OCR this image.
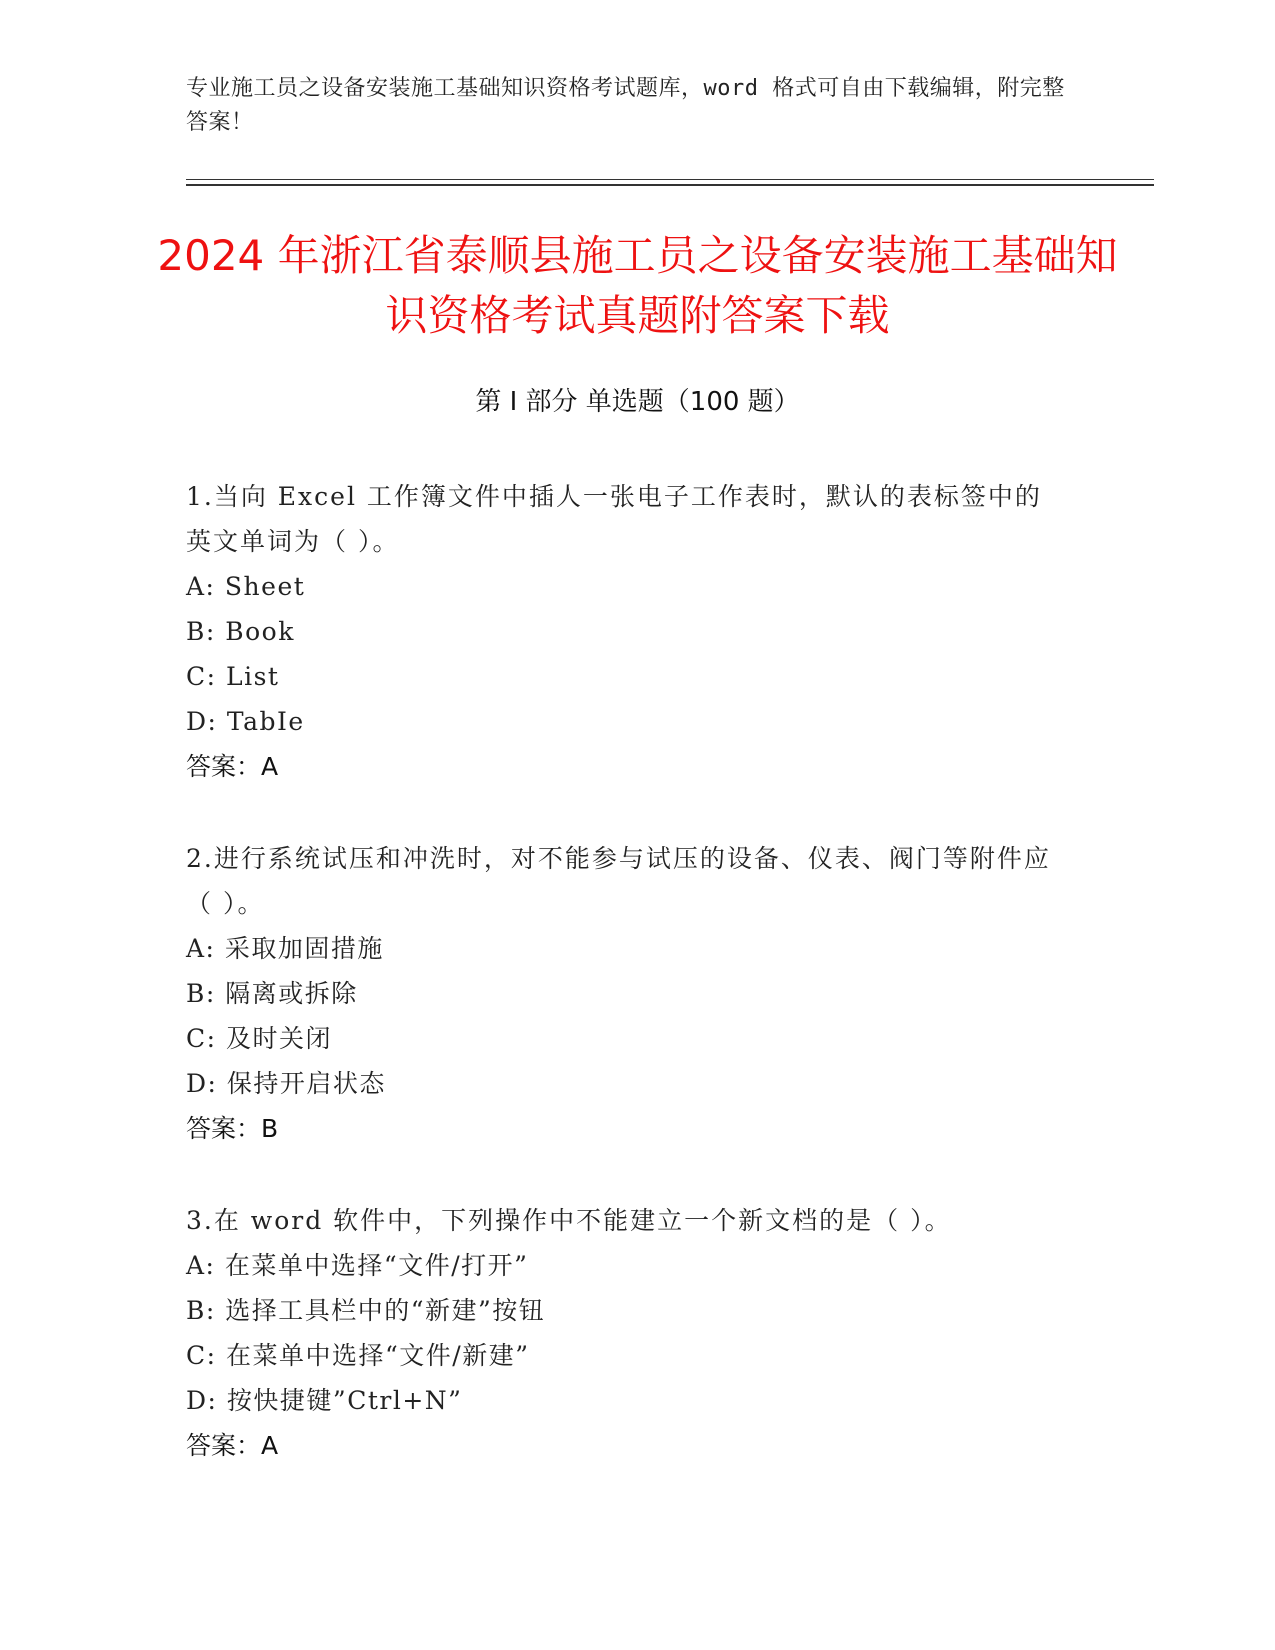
专业施工员之设备安装施工基础知识资格考试题库，word 格式可自由下载编辑，附完整答案！
2024 年浙江省泰顺县施工员之设备安装施工基础知识资格考试真题附答案下载
第 I 部分 单选题（100 题）
1.当向 Excel 工作簿文件中插人一张电子工作表时，默认的表标签中的英文单词为（ ）。
A: Sheet
B: Book
C: List
D: TabIe
答案：A
2.进行系统试压和冲洗时，对不能参与试压的设备、仪表、阀门等附件应（ ）。
A: 采取加固措施
B: 隔离或拆除
C: 及时关闭
D: 保持开启状态
答案：B
3.在 word 软件中，下列操作中不能建立一个新文档的是（ ）。
A: 在菜单中选择“文件/打开”
B: 选择工具栏中的“新建”按钮
C: 在菜单中选择“文件/新建”
D: 按快捷键”Ctrl+N”
答案：A
